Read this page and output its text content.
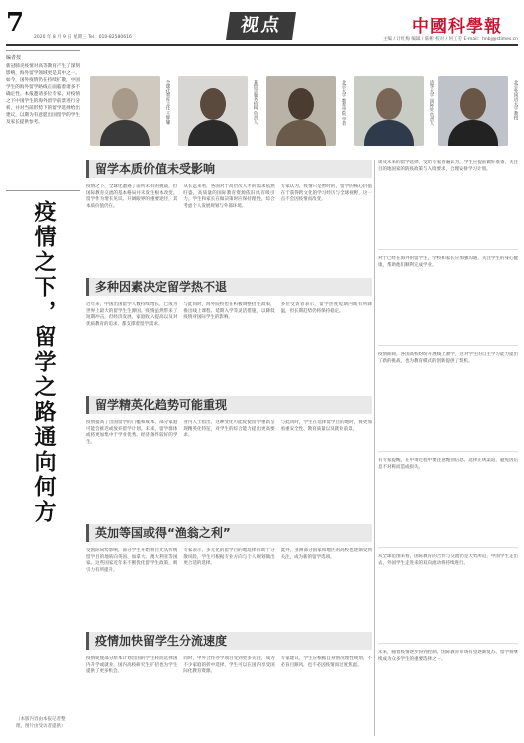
7 2020 年 8 月 9 日 星期三 Tel：010-82580616
视点	中國科學報
主编 / 计红梅 编辑 / 陈彬 校对 / 何工劳 E-mail：hnbj@stimes.cn
编者按
新冠肺炎疫情对高等教育产生了深刻影响，海外留学领域更是其中之一。如今，国外疫情仍在持续扩散，中国学生的海外留学路线正面临着诸多不确定性。本报邀请多位专家，对疫情之下中国学生的海外留学前景进行分析，并对当前形势下的留学选择给出建议，以期为有意愿出国留学的学生及家长提供参考。
疫情之下，留学之路通向何方
（本版内容由本报记者整理，图片由受访者提供）
全球化智库主任 王辉耀	某留学服务机构 负责人	北京大学 教育学院 学者	清华大学 国际处 负责人	北京外国语大学 教授
留学本质价值未受影响
疫情之下，全球化遭遇了前所未有的挑战，但国际教育交流的基本格局并未发生根本改变。留学作为增长见识、开阔眼界的重要途径，其本质价值仍在。
从长远来看，各国对于高层次人才的需求依然旺盛，高质量的国际教育资源依旧具有吸引力。学生和家长在做决策时应保持理性，综合考虑个人发展规划与外部环境。
专家认为，疫情只是暂时的，留学的核心价值在于获得跨文化的学习经历与全球视野，这一点不会因疫情而改变。
多种因素决定留学热不退
近年来，中国出国留学人数持续增长，已成为世界上最大的留学生生源国。疫情虽然带来了短期冲击，但经济发展、家庭收入提高以及对优质教育的追求，都支撑着留学需求。
与此同时，海外院校也在积极调整招生政策，推出线上课程、延期入学等灵活措施，以降低疫情对国际学生的影响。
多位受访者表示，留学热度短期内或有所降温，但长期趋势仍将保持稳定。
留学精英化趋势可能重现
疫情提高了出国留学的门槛和成本，部分家庭可能会推迟或放弃留学计划。未来，留学群体或将更加集中于学业优秀、经济条件较好的学生。
业内人士指出，这种变化可能促使留学重新呈现精英化特征，对学生的综合能力提出更高要求。
与此同时，学生在选择留学目的地时，将更加看重安全性、教育质量以及就业前景。
英加等国或得“渔翁之利”
受国际局势影响，部分学生开始将目光从传统留学目的地转向英国、加拿大、澳大利亚等国家。这些国家近年来不断优化留学生政策，吸引力有所提升。
专家表示，多元化的留学目的地选择有助于分散风险，学生可根据专业方向与个人规划做出更合适的选择。
此外，亚洲部分国家和地区的高校也逐渐受到关注，成为新的留学选项。
疫情加快留学生分流速度
疫情促使部分原本计划出国的学生转而选择国内升学或就业，国内高校研究生扩招也为学生提供了更多机会。
同时，中外合作办学项目受到更多关注，成为不少家庭的折中选择，学生可以在国内享受国际化教育资源。
专家建议，学生应根据自身情况理性规划，不必盲目跟风，也不必因疫情而过度焦虑。
谈及未来的留学选择，受访专家普遍认为，学生应提前做好准备，关注目的地国家的防疫政策与入境要求，合理安排学习计划。
对于已经在海外的留学生，学校和家长应加强沟通，关注学生的身心健康，帮助他们顺利完成学业。
疫情期间，各国高校纷纷开展线上教学，这对学生的自主学习能力提出了新的挑战，也为教育模式的创新提供了契机。
有专家提醒，在申请过程中要注意甄别信息，选择正规渠道，避免因信息不对称而造成损失。
从全球范围来看，国际教育的合作与交流仍是大势所趋，中国学生走出去、外国学生走进来的双向流动将持续进行。
未来，随着疫情逐步得到控制，国际教育市场有望逐渐复苏，留学将继续成为众多学生的重要选择之一。
